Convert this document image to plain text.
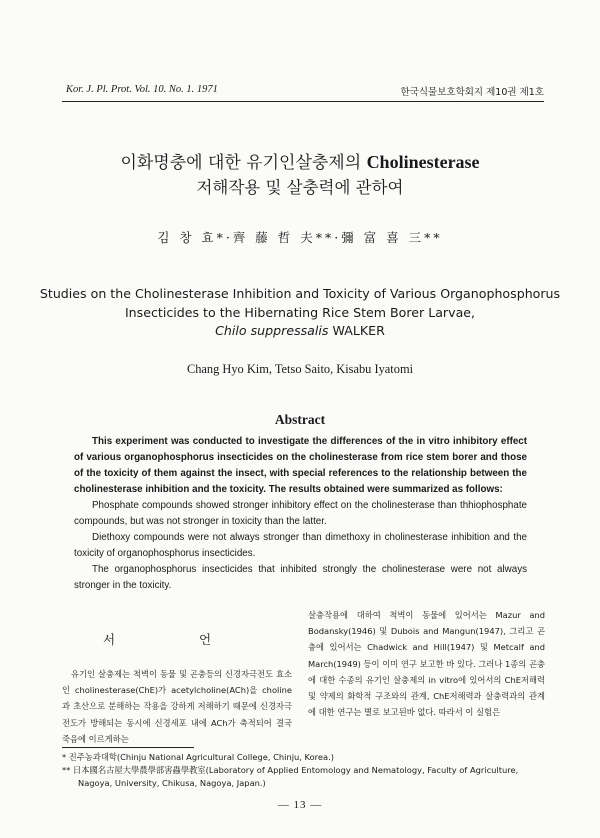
Kor. J. Pl. Prot. Vol. 10. No. 1. 1971	한국식물보호학회지 제10권 제1호
이화명충에 대한 유기인살충제의 Cholinesterase
저해작용 및 살충력에 관하여
김 창 효*·齊 藤 哲 夫**·彌 富 喜 三**
Studies on the Cholinesterase Inhibition and Toxicity of Various Organophosphorus
Insecticides to the Hibernating Rice Stem Borer Larvae,
Chilo suppressalis WALKER
Chang Hyo Kim, Tetso Saito, Kisabu Iyatomi
Abstract

This experiment was conducted to investigate the differences of the in vitro inhibitory effect of various organophosphorus insecticides on the cholinesterase from rice stem borer and those of the toxicity of them against the insect, with special references to the relationship between the cholinesterase inhibition and the toxicity. The results obtained were summarized as follows:

Phosphate compounds showed stronger inhibitory effect on the cholinesterase than thhiophosphate compounds, but was not stronger in toxicity than the latter.

Diethoxy compounds were not always stronger than dimethoxy in cholinesterase inhibition and the toxicity of organophosphorus insecticides.

The organophosphorus insecticides that inhibited strongly the cholinesterase were not always stronger in the toxicity.

서 언

유기인 살충제는 척벽이 동물 및 곤충등의 신경자극전도 효소인 cholinesterase(ChE)가 acetylcholine(ACh)을 choline과 초산으로 분해하는 작용을 강하게 저해하기 때문에 신경자극전도가 방해되는 동시에 신경세포 내에 ACh가 축적되어 결국 죽음에 이르게하는

살충작용에 대하여 척벽이 동물에 있어서는 Mazur and Bodansky(1946) 및 Dubois and Mangun(1947), 그리고 곤충에 있어서는 Chadwick and Hill(1947) 및 Metcalf and March(1949) 등이 이미 연구 보고한 바 있다. 그러나 1종의 곤충에 대한 수종의 유기인 살충제의 in vitro에 있어서의 ChE저해력 및 약제의 화학적 구조와의 관계, ChE저해력과 살충력과의 관계에 대한 연구는 별로 보고된바 없다. 따라서 이 실험은

* 진주농과대학(Chinju National Agricultural College, Chinju, Korea.)

** 日本國名古屋大學農學部害蟲學教室(Laboratory of Applied Entomology and Nematology, Faculty of Agriculture, Nagoya, University, Chikusa, Nagoya, Japan.)

— 13 —
